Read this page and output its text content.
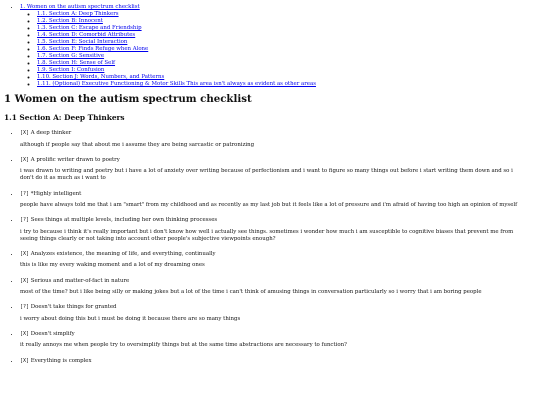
• 1. Women on the autism spectrum checklist
◦ 1.1. Section A: Deep Thinkers
◦ 1.2. Section B: Innocent
◦ 1.3. Section C: Escape and Friendship
◦ 1.4. Section D: Comorbid Attributes
◦ 1.5. Section E: Social Interaction
◦ 1.6. Section F: Finds Refuge when Alone
◦ 1.7. Section G: Sensitive
◦ 1.8. Section H: Sense of Self
◦ 1.9. Section I: Confusion
◦ 1.10. Section J: Words, Numbers, and Patterns
◦ 1.11. (Optional) Executive Functioning & Motor Skills This area isn't always as evident as other areas
1 Women on the autism spectrum checklist
1.1 Section A: Deep Thinkers
• [X] A deep thinker

although if people say that about me i assume they are being sarcastic or patronizing

• [X] A prolific writer drawn to poetry

i was drawn to writing and poetry but i have a lot of anxiety over writing because of perfectionism and i want to figure so many things out before i start writing them down and so i don't do it as much as i want to

• [?] *Highly intelligent

people have always told me that i am "smart" from my childhood and as recently as my last job but it feels like a lot of pressure and i'm afraid of having too high an opinion of myself

• [?] Sees things at multiple levels, including her own thinking processes

i try to because i think it's really important but i don't know how well i actually see things. sometimes i wonder how much i am susceptible to cognitive biases that prevent me from seeing things clearly or not taking into account other people's subjective viewpoints enough?

• [X] Analyzes existence, the meaning of life, and everything, continually

this is like my every waking moment and a lot of my dreaming ones

• [X] Serious and matter-of-fact in nature

most of the time? but i like being silly or making jokes but a lot of the time i can't think of amusing things in conversation particularly so i worry that i am boring people

• [?] Doesn't take things for granted

i worry about doing this but i must be doing it because there are so many things

• [X] Doesn't simplify

it really annoys me when people try to oversimplify things but at the same time abstractions are necessary to function?

• [X] Everything is complex
